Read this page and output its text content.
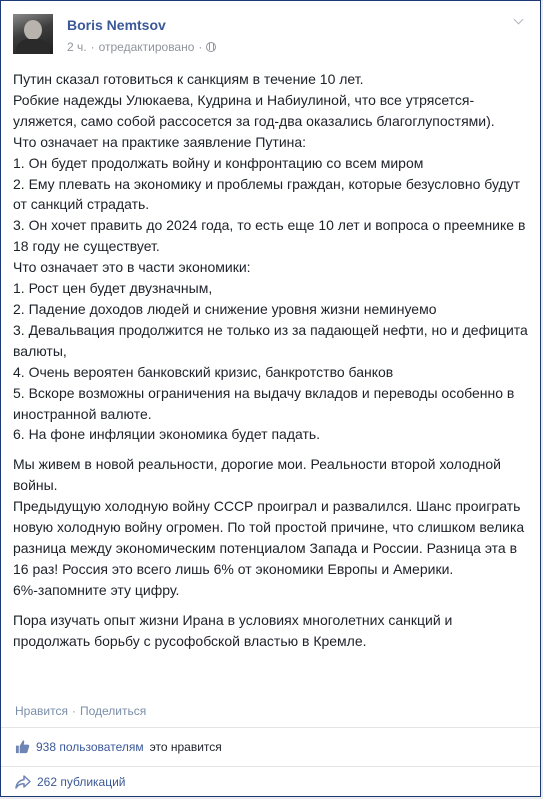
Boris Nemtsov
2 ч. · отредактировано ·

Путин сказал готовиться к санкциям в течение 10 лет.
Робкие надежды Улюкаева, Кудрина и Набиулиной, что все утрясется-уляжется, само собой рассосется за год-два оказались благоглупостями).
Что означает на практике заявление Путина:
1. Он будет продолжать войну и конфронтацию со всем миром
2. Ему плевать на экономику и проблемы граждан, которые безусловно будут от санкций страдать.
3. Он хочет править до 2024 года, то есть еще 10 лет и вопроса о преемнике в 18 году не существует.
Что означает это в части экономики:
1. Рост цен будет двузначным,
2. Падение доходов людей и снижение уровня жизни неминуемо
3. Девальвация продолжится не только из за падающей нефти, но и дефицита валюты,
4. Очень вероятен банковский кризис, банкротство банков
5. Вскоре возможны ограничения на выдачу вкладов и переводы особенно в иностранной валюте.
6. На фоне инфляции экономика будет падать.

Мы живем в новой реальности, дорогие мои. Реальности второй холодной войны.
Предыдущую холодную войну СССР проиграл и развалился. Шанс проиграть новую холодную войну огромен. По той простой причине, что слишком велика разница между экономическим потенциалом Запада и России. Разница эта в 16 раз! Россия это всего лишь 6% от экономики Европы и Америки.
6%-запомните эту цифру.

Пора изучать опыт жизни Ирана в условиях многолетних санкций и продолжать борьбу с русофобской властью в Кремле.

Нравится · Поделиться
938 пользователям это нравится
262 публикаций
